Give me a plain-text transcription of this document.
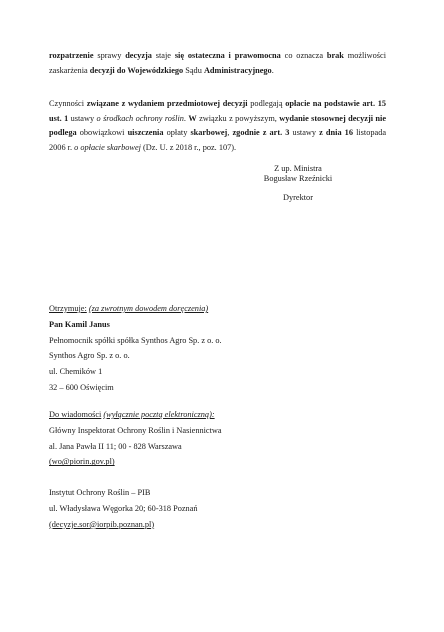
rozpatrzenie sprawy decyzja staje się ostateczna i prawomocna co oznacza brak możliwości zaskarżenia decyzji do Wojewódzkiego Sądu Administracyjnego.
Czynności związane z wydaniem przedmiotowej decyzji podlegają opłacie na podstawie art. 15 ust. 1 ustawy o środkach ochrony roślin. W związku z powyższym, wydanie stosownej decyzji nie podlega obowiązkowi uiszczenia opłaty skarbowej, zgodnie z art. 3 ustawy z dnia 16 listopada 2006 r. o opłacie skarbowej (Dz. U. z 2018 r., poz. 107).
Z up. Ministra
Bogusław Rzeźnicki
Dyrektor
Otrzymuje: (za zwrotnym dowodem doręczenia)
Pan Kamil Janus
Pełnomocnik spółki spółka Synthos Agro Sp. z o. o.
Synthos Agro Sp. z o. o.
ul. Chemików 1
32 – 600 Oświęcim
Do wiadomości (wyłącznie pocztą elektroniczną):
Główny Inspektorat Ochrony Roślin i Nasiennictwa
al. Jana Pawła II 11; 00 - 828 Warszawa
(wo@piorin.gov.pl)
Instytut Ochrony Roślin – PIB
ul. Władysława Węgorka 20; 60-318 Poznań
(decyzje.sor@iorpib.poznan.pl)
